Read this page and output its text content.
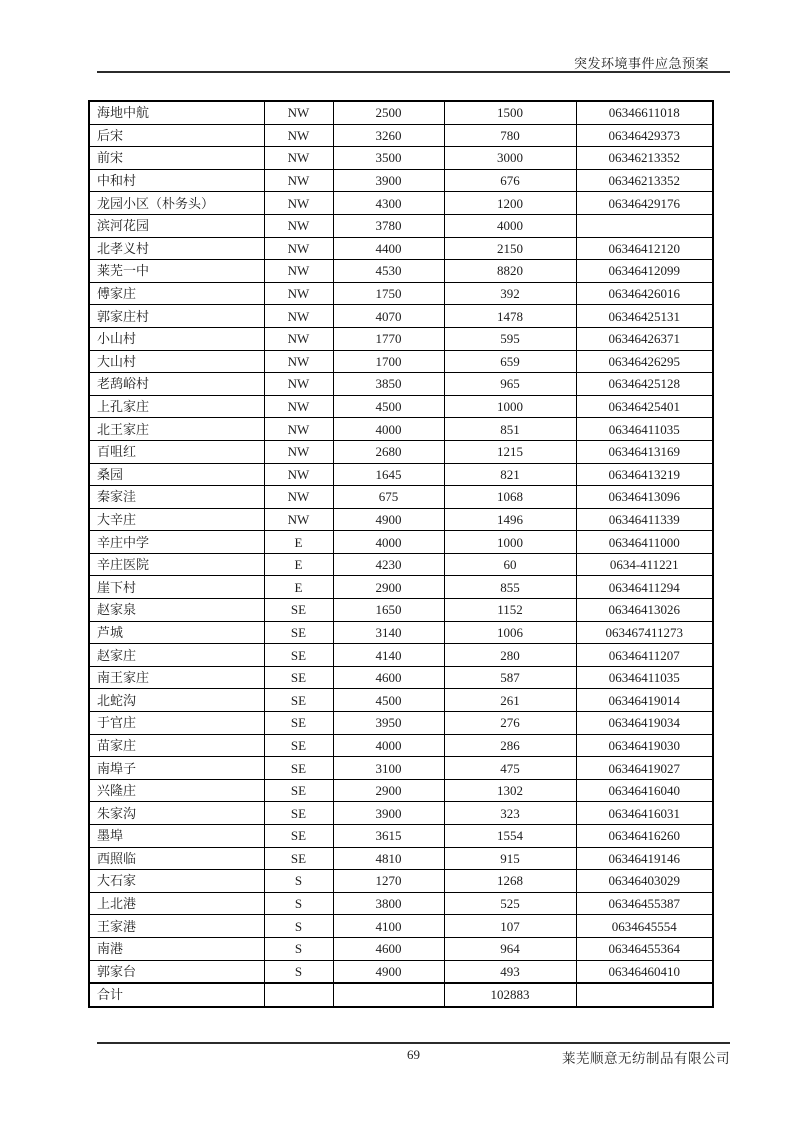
突发环境事件应急预案
海地中航	NW	2500	1500	06346611018
后宋	NW	3260	780	06346429373
前宋	NW	3500	3000	06346213352
中和村	NW	3900	676	06346213352
龙园小区（朴务头）	NW	4300	1200	06346429176
滨河花园	NW	3780	4000	
北孝义村	NW	4400	2150	06346412120
莱芜一中	NW	4530	8820	06346412099
傅家庄	NW	1750	392	06346426016
郭家庄村	NW	4070	1478	06346425131
小山村	NW	1770	595	06346426371
大山村	NW	1700	659	06346426295
老鸹峪村	NW	3850	965	06346425128
上孔家庄	NW	4500	1000	06346425401
北王家庄	NW	4000	851	06346411035
百咀红	NW	2680	1215	06346413169
桑园	NW	1645	821	06346413219
秦家洼	NW	675	1068	06346413096
大辛庄	NW	4900	1496	06346411339
辛庄中学	E	4000	1000	06346411000
辛庄医院	E	4230	60	0634-411221
崖下村	E	2900	855	06346411294
赵家泉	SE	1650	1152	06346413026
芦城	SE	3140	1006	063467411273
赵家庄	SE	4140	280	06346411207
南王家庄	SE	4600	587	06346411035
北蛇沟	SE	4500	261	06346419014
于官庄	SE	3950	276	06346419034
苗家庄	SE	4000	286	06346419030
南埠子	SE	3100	475	06346419027
兴隆庄	SE	2900	1302	06346416040
朱家沟	SE	3900	323	06346416031
墨埠	SE	3615	1554	06346416260
西照临	SE	4810	915	06346419146
大石家	S	1270	1268	06346403029
上北港	S	3800	525	06346455387
王家港	S	4100	107	0634645554
南港	S	4600	964	06346455364
郭家台	S	4900	493	06346460410
合计			102883	
69	莱芜顺意无纺制品有限公司
